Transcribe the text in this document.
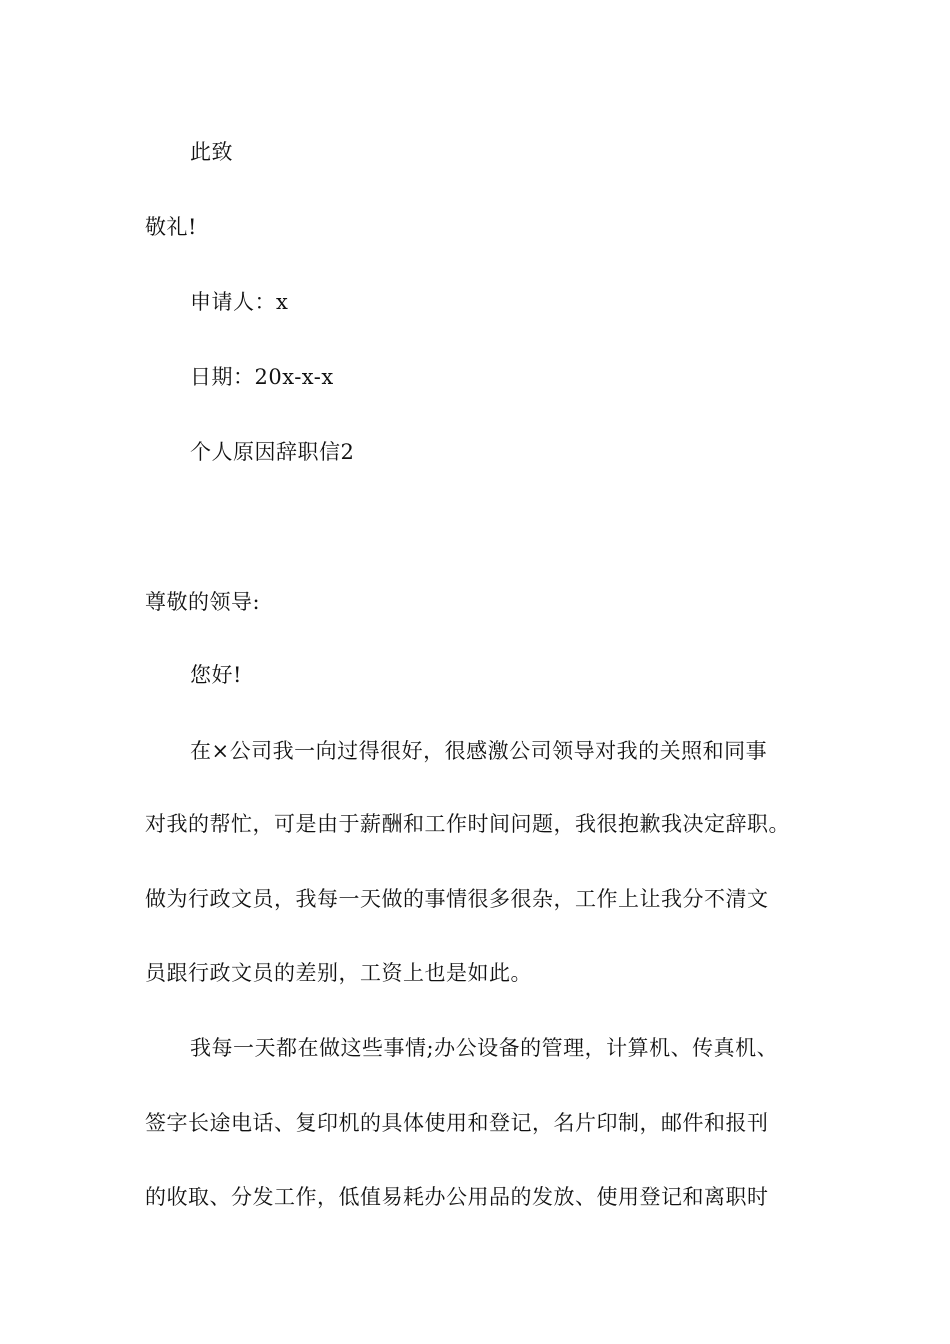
此致
敬礼!
申请人：x
日期：20x-x-x
个人原因辞职信2
尊敬的领导:
您好!
在×公司我一向过得很好，很感激公司领导对我的关照和同事
对我的帮忙，可是由于薪酬和工作时间问题，我很抱歉我决定辞职。
做为行政文员，我每一天做的事情很多很杂，工作上让我分不清文
员跟行政文员的差别，工资上也是如此。
我每一天都在做这些事情;办公设备的管理，计算机、传真机、
签字长途电话、复印机的具体使用和登记，名片印制，邮件和报刊
的收取、分发工作，低值易耗办公用品的发放、使用登记和离职时
